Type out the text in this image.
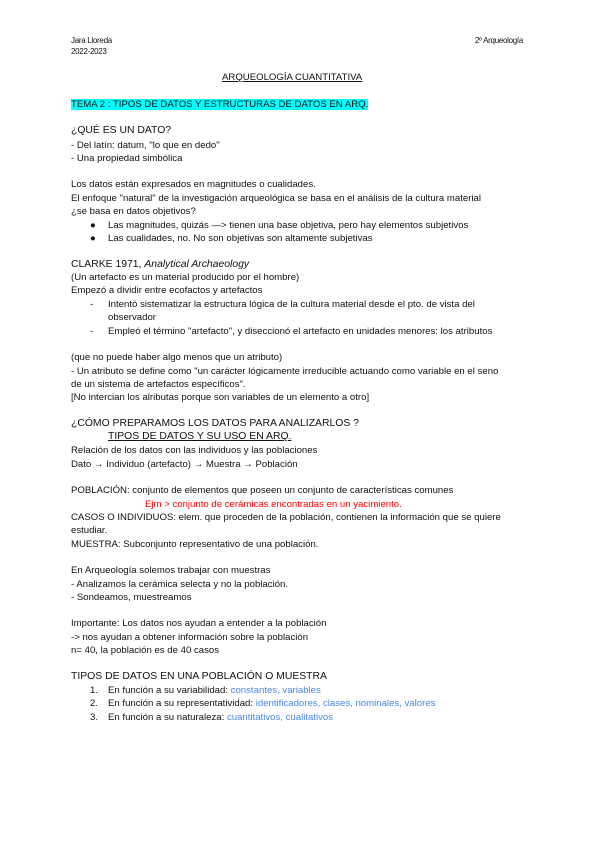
Jara Lloreda
2022-2023
2º Arqueología
ARQUEOLOGÍA CUANTITATIVA
TEMA 2 : TIPOS DE DATOS Y ESTRUCTURAS DE DATOS EN ARQ.
¿QUÉ ES UN DATO?
- Del latín: datum, "lo que en dedo"
- Una propiedad simbólica
Los datos están expresados en magnitudes o cualidades.
El enfoque "natural" de la investigación arqueológica se basa en el análisis de la cultura material
¿se basa en datos objetivos?
● Las magnitudes, quizás —> tienen una base objetiva, pero hay elementos subjetivos
● Las cualidades, no. No son objetivas son altamente subjetivas
CLARKE 1971, Analytical Archaeology
(Un artefacto es un material producido por el hombre)
Empezó a dividir entre ecofactos y artefactos
- Intentó sistematizar la estructura lógica de la cultura material desde el pto. de vista del
observador
- Empleó el término "artefacto", y diseccionó el artefacto en unidades menores: los atributos
(que no puede haber algo menos que un atributo)
- Un atributo se define como "un carácter lógicamente irreducible actuando como variable en el seno
de un sistema de artefactos específicos".
[No intercian los alributas porque son variables de un elemento a otro]
¿CÓMO PREPARAMOS LOS DATOS PARA ANALIZARLOS ?
TIPOS DE DATOS Y SU USO EN ARQ.
Relación de los datos con las individuos y las poblaciones
Dato → Individuo (artefacto) → Muestra → Población
POBLACIÓN: conjunto de elementos que poseen un conjunto de características comunes
Ejm > conjunto de cerámicas encontradas en un yacimiento.
CASOS O INDIVIDUOS: elem. que proceden de la población, contienen la información que se quiere
estudiar.
MUESTRA: Subconjunto representativo de una población.
En Arqueología solemos trabajar con muestras
- Analizamos la cerámica selecta y no la población.
- Sondeamos, muestreamos
Importante: Los datos nos ayudan a entender a la población
-> nos ayudan a obtener información sobre la población
n= 40, la población es de 40 casos
TIPOS DE DATOS EN UNA POBLACIÓN O MUESTRA
1. En función a su variabilidad: constantes, variables
2. En función a su representatividad: identificadores, clases, nominales, valores
3. En función a su naturaleza: cuantitativos, cualitativos
